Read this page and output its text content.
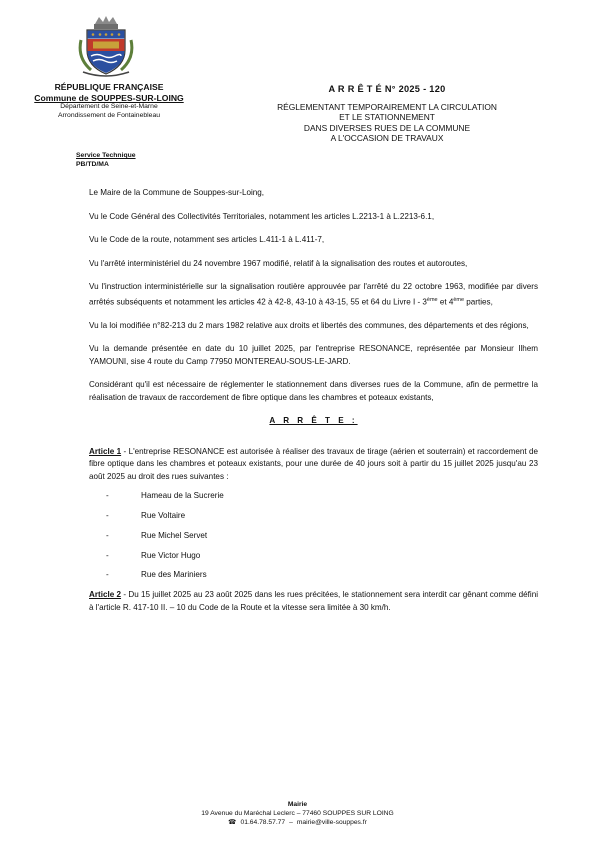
RÉPUBLIQUE FRANÇAISE
Commune de SOUPPES-SUR-LOING
Département de Seine-et-Marne
Arrondissement de Fontainebleau
Service Technique
PB/TD/MA
A R R Ê T É N° 2025 - 120
RÉGLEMENTANT TEMPORAIREMENT LA CIRCULATION
ET LE STATIONNEMENT
DANS DIVERSES RUES DE LA COMMUNE
A L'OCCASION DE TRAVAUX

Le Maire de la Commune de Souppes-sur-Loing,

Vu le Code Général des Collectivités Territoriales, notamment les articles L.2213-1 à L.2213-6.1,

Vu le Code de la route, notamment ses articles L.411-1 à L.411-7,

Vu l'arrêté interministériel du 24 novembre 1967 modifié, relatif à la signalisation des routes et autoroutes,

Vu l'instruction interministérielle sur la signalisation routière approuvée par l'arrêté du 22 octobre 1963, modifiée par divers arrêtés subséquents et notamment les articles 42 à 42-8, 43-10 à 43-15, 55 et 64 du Livre I - 3ème et 4ème parties,

Vu la loi modifiée n°82-213 du 2 mars 1982 relative aux droits et libertés des communes, des départements et des régions,

Vu la demande présentée en date du 10 juillet 2025, par l'entreprise RESONANCE, représentée par Monsieur Ilhem YAMOUNI, sise 4 route du Camp 77950 MONTEREAU-SOUS-LE-JARD.

Considérant qu'il est nécessaire de réglementer le stationnement dans diverses rues de la Commune, afin de permettre la réalisation de travaux de raccordement de fibre optique dans les chambres et poteaux existants,

A R R Ê T E :

Article 1 - L'entreprise RESONANCE est autorisée à réaliser des travaux de tirage (aérien et souterrain) et raccordement de fibre optique dans les chambres et poteaux existants, pour une durée de 40 jours soit à partir du 15 juillet 2025 jusqu'au 23 août 2025 au droit des rues suivantes :

- Hameau de la Sucrerie
- Rue Voltaire
- Rue Michel Servet
- Rue Victor Hugo
- Rue des Mariniers

Article 2 - Du 15 juillet 2025 au 23 août 2025 dans les rues précitées, le stationnement sera interdit car gênant comme défini à l'article R. 417-10 II. – 10 du Code de la Route et la vitesse sera limitée à 30 km/h.

Mairie
19 Avenue du Maréchal Leclerc – 77460 SOUPPES SUR LOING
☎ 01.64.78.57.77 – mairie@ville-souppes.fr
